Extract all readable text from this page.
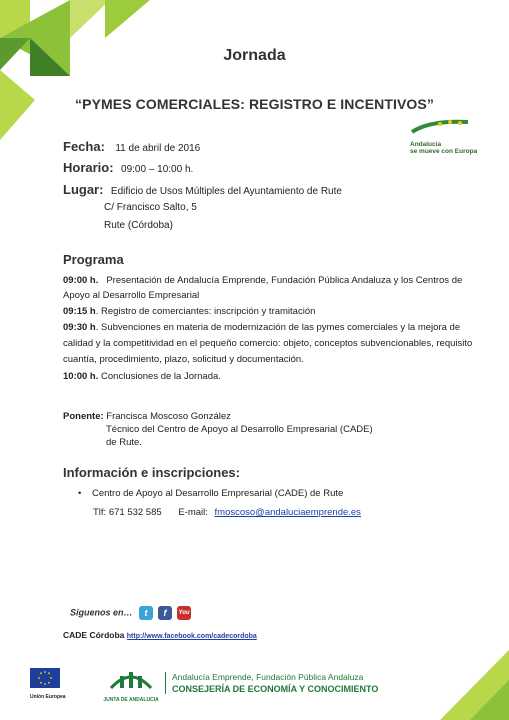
Jornada
“PYMES COMERCIALES: REGISTRO E INCENTIVOS”
Andalucía
se mueve con Europa
Fecha: 11 de abril de 2016
Horario: 09:00 – 10:00 h.
Lugar: Edificio de Usos Múltiples del Ayuntamiento de Rute
C/ Francisco Salto, 5
Rute (Córdoba)
Programa
09:00 h. Presentación de Andalucía Emprende, Fundación Pública Andaluza y los Centros de Apoyo al Desarrollo Empresarial
09:15 h. Registro de comerciantes: inscripción y tramitación
09:30 h. Subvenciones en materia de modernización de las pymes comerciales y la mejora de calidad y la competitividad en el pequeño comercio: objeto, conceptos subvencionables, requisito cuantía, procedimiento, plazo, solicitud y documentación.
10:00 h. Conclusiones de la Jornada.
Ponente: Francisca Moscoso González
Técnico del Centro de Apoyo al Desarrollo Empresarial (CADE)
de Rute.
Información e inscripciones:
• Centro de Apoyo al Desarrollo Empresarial (CADE) de Rute
Tlf: 671 532 585 E-mail: fmoscoso@andaluciaemprende.es
Síguenos en… t f You
CADE Córdoba http://www.facebook.com/cadecordoba
Unión Europea	JUNTA DE ANDALUCIA
Andalucía Emprende, Fundación Pública Andaluza
CONSEJERÍA DE ECONOMÍA Y CONOCIMIENTO
